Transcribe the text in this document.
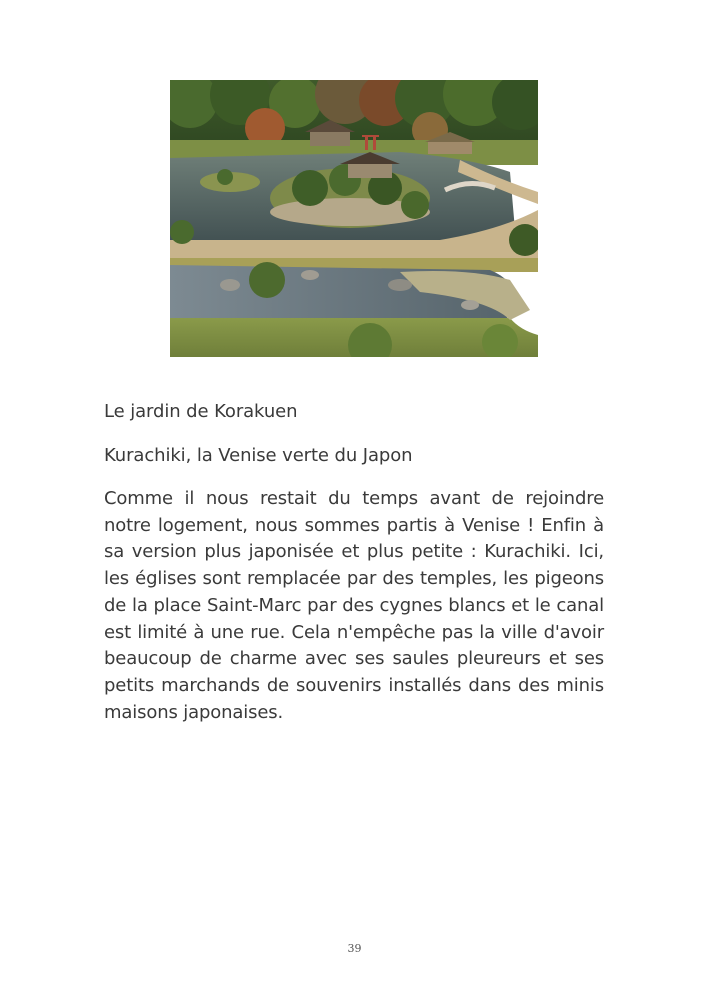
Le jardin de Korakuen

Kurachiki, la Venise verte du Japon

Comme il nous restait du temps avant de rejoindre notre logement, nous sommes partis à Venise ! Enfin à sa version plus japonisée et plus petite : Kurachiki. Ici, les églises sont remplacée par des temples, les pigeons de la place Saint-Marc par des cygnes blancs et le canal est limité à une rue. Cela n'empêche pas la ville d'avoir beaucoup de charme avec ses saules pleureurs et ses petits marchands de souvenirs installés dans des minis maisons japonaises.

39
